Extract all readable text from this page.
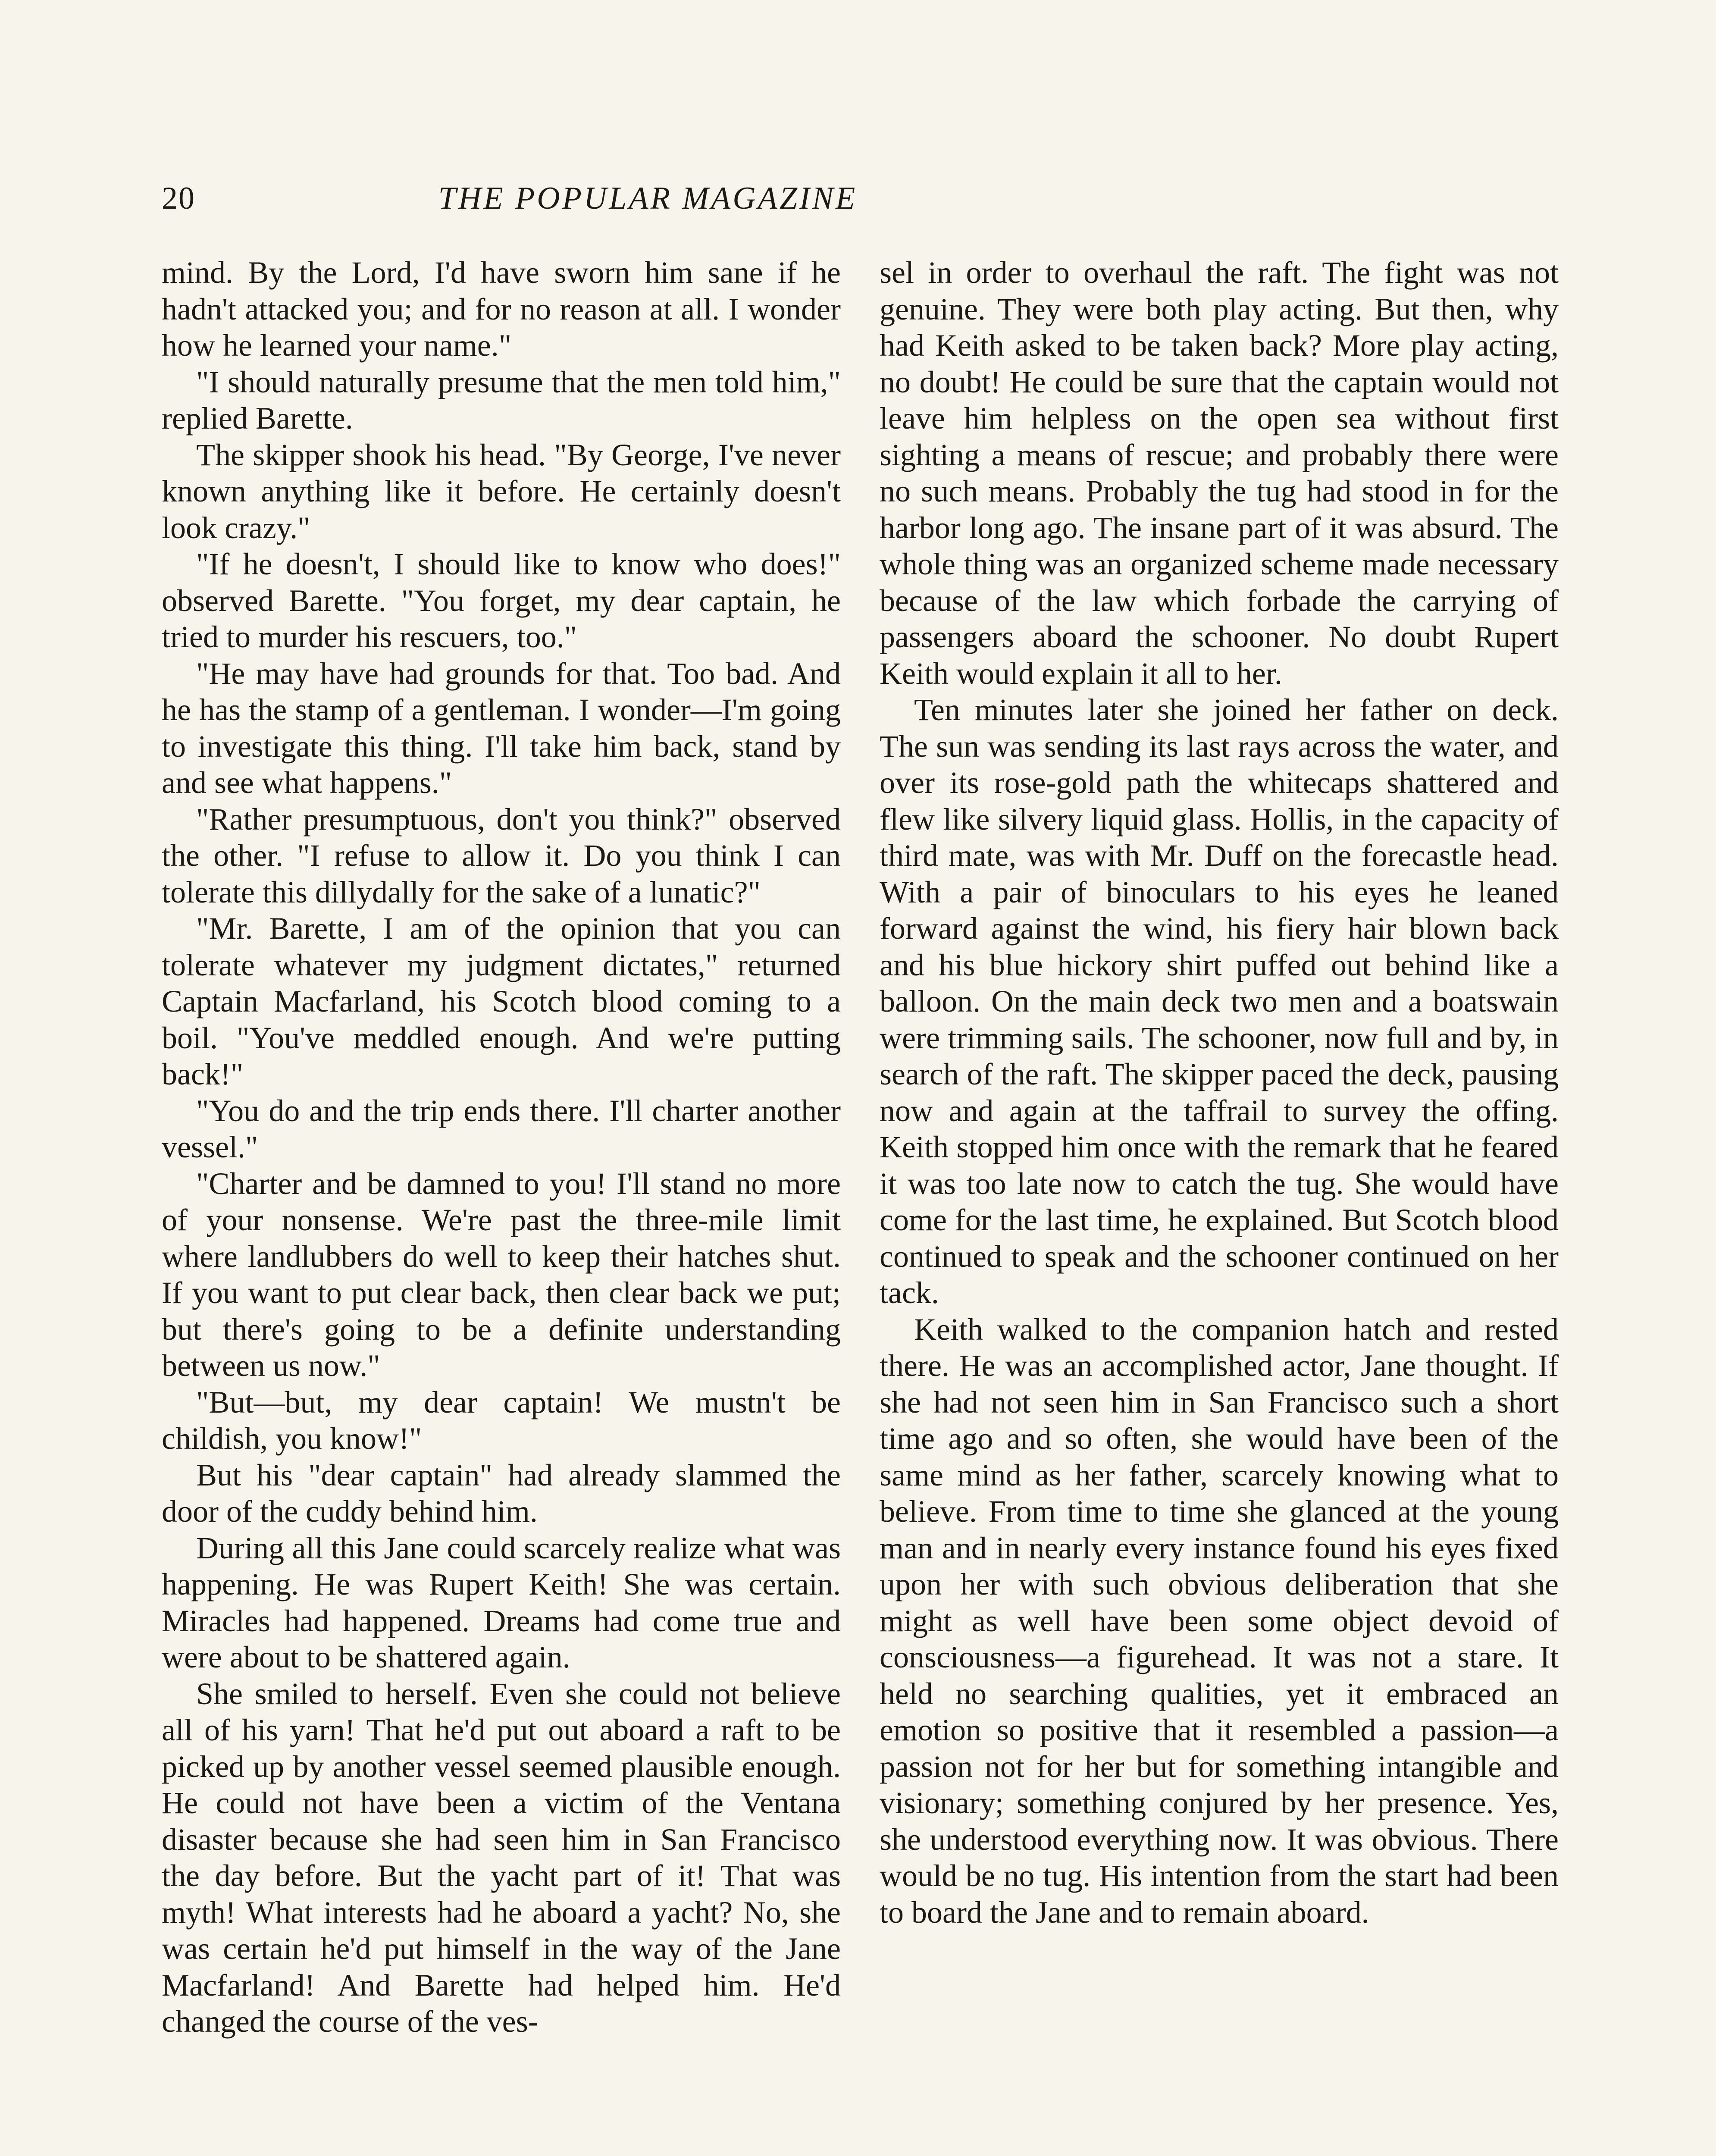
20	THE POPULAR MAGAZINE

mind. By the Lord, I'd have sworn him sane if he hadn't attacked you; and for no reason at all. I wonder how he learned your name."

"I should naturally presume that the men told him," replied Barette.

The skipper shook his head. "By George, I've never known anything like it before. He certainly doesn't look crazy."

"If he doesn't, I should like to know who does!" observed Barette. "You forget, my dear captain, he tried to murder his rescuers, too."

"He may have had grounds for that. Too bad. And he has the stamp of a gentleman. I wonder—I'm going to investigate this thing. I'll take him back, stand by and see what happens."

"Rather presumptuous, don't you think?" observed the other. "I refuse to allow it. Do you think I can tolerate this dillydally for the sake of a lunatic?"

"Mr. Barette, I am of the opinion that you can tolerate whatever my judgment dictates," returned Captain Macfarland, his Scotch blood coming to a boil. "You've meddled enough. And we're putting back!"

"You do and the trip ends there. I'll charter another vessel."

"Charter and be damned to you! I'll stand no more of your nonsense. We're past the three-mile limit where landlubbers do well to keep their hatches shut. If you want to put clear back, then clear back we put; but there's going to be a definite understanding between us now."

"But—but, my dear captain! We mustn't be childish, you know!"

But his "dear captain" had already slammed the door of the cuddy behind him.

During all this Jane could scarcely realize what was happening. He was Rupert Keith! She was certain. Miracles had happened. Dreams had come true and were about to be shattered again.

She smiled to herself. Even she could not believe all of his yarn! That he'd put out aboard a raft to be picked up by another vessel seemed plausible enough. He could not have been a victim of the Ventana disaster because she had seen him in San Francisco the day before. But the yacht part of it! That was myth! What interests had he aboard a yacht? No, she was certain he'd put himself in the way of the Jane Macfarland! And Barette had helped him. He'd changed the course of the ves-

sel in order to overhaul the raft. The fight was not genuine. They were both play acting. But then, why had Keith asked to be taken back? More play acting, no doubt! He could be sure that the captain would not leave him helpless on the open sea without first sighting a means of rescue; and probably there were no such means. Probably the tug had stood in for the harbor long ago. The insane part of it was absurd. The whole thing was an organized scheme made necessary because of the law which forbade the carrying of passengers aboard the schooner. No doubt Rupert Keith would explain it all to her.

Ten minutes later she joined her father on deck. The sun was sending its last rays across the water, and over its rose-gold path the whitecaps shattered and flew like silvery liquid glass. Hollis, in the capacity of third mate, was with Mr. Duff on the forecastle head. With a pair of binoculars to his eyes he leaned forward against the wind, his fiery hair blown back and his blue hickory shirt puffed out behind like a balloon. On the main deck two men and a boatswain were trimming sails. The schooner, now full and by, in search of the raft. The skipper paced the deck, pausing now and again at the taffrail to survey the offing. Keith stopped him once with the remark that he feared it was too late now to catch the tug. She would have come for the last time, he explained. But Scotch blood continued to speak and the schooner continued on her tack.

Keith walked to the companion hatch and rested there. He was an accomplished actor, Jane thought. If she had not seen him in San Francisco such a short time ago and so often, she would have been of the same mind as her father, scarcely knowing what to believe. From time to time she glanced at the young man and in nearly every instance found his eyes fixed upon her with such obvious deliberation that she might as well have been some object devoid of consciousness—a figurehead. It was not a stare. It held no searching qualities, yet it embraced an emotion so positive that it resembled a passion—a passion not for her but for something intangible and visionary; something conjured by her presence. Yes, she understood everything now. It was obvious. There would be no tug. His intention from the start had been to board the Jane and to remain aboard.
